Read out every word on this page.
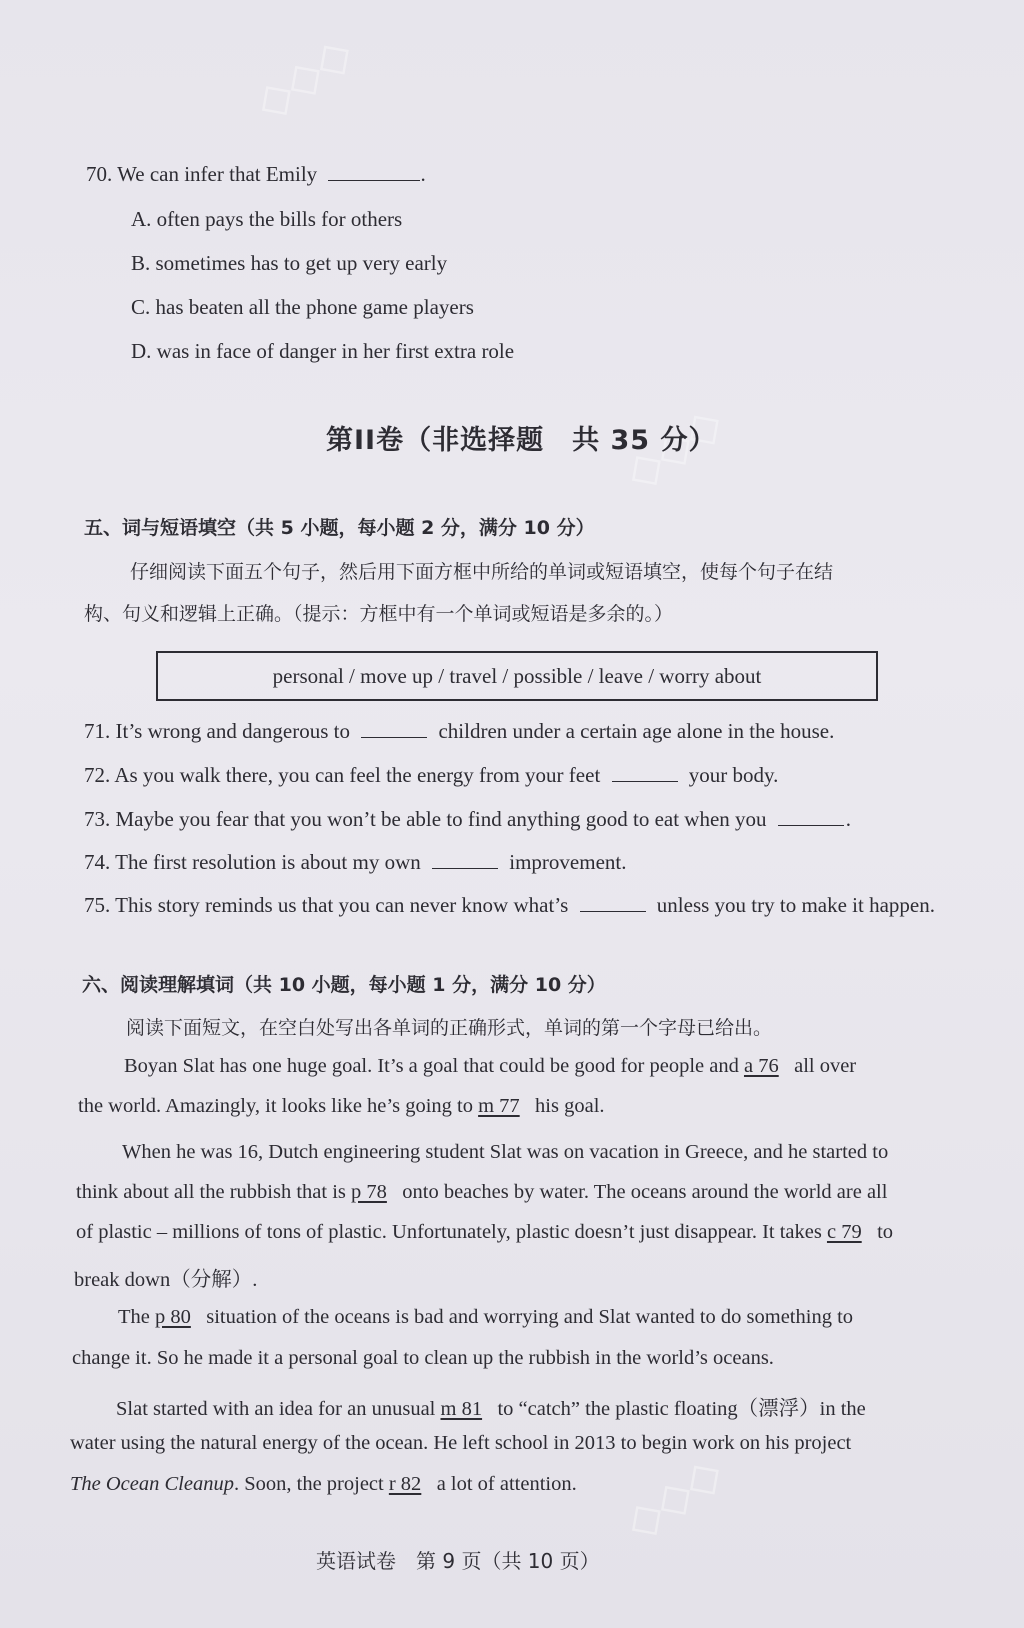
◇◇◇
◇◇◇
◇◇◇
70. We can infer that Emily	.
A. often pays the bills for others
B. sometimes has to get up very early
C. has beaten all the phone game players
D. was in face of danger in her first extra role
第II卷（非选择题　共 35 分）
五、词与短语填空（共 5 小题，每小题 2 分，满分 10 分）
仔细阅读下面五个句子，然后用下面方框中所给的单词或短语填空，使每个句子在结
构、句义和逻辑上正确。（提示：方框中有一个单词或短语是多余的。）
personal / move up / travel / possible / leave / worry about
71. It’s wrong and dangerous to	children under a certain age alone in the house.
72. As you walk there, you can feel the energy from your feet	your body.
73. Maybe you fear that you won’t be able to find anything good to eat when you	.
74. The first resolution is about my own	improvement.
75. This story reminds us that you can never know what’s	unless you try to make it happen.
六、阅读理解填词（共 10 小题，每小题 1 分，满分 10 分）
阅读下面短文，在空白处写出各单词的正确形式，单词的第一个字母已给出。
Boyan Slat has one huge goal. It’s a goal that could be good for people and a 76 all over
the world. Amazingly, it looks like he’s going to m 77 his goal.
When he was 16, Dutch engineering student Slat was on vacation in Greece, and he started to
think about all the rubbish that is p 78 onto beaches by water. The oceans around the world are all
of plastic – millions of tons of plastic. Unfortunately, plastic doesn’t just disappear. It takes c 79 to
break down（分解）.
The p 80 situation of the oceans is bad and worrying and Slat wanted to do something to
change it. So he made it a personal goal to clean up the rubbish in the world’s oceans.
Slat started with an idea for an unusual m 81 to “catch” the plastic floating（漂浮）in the
water using the natural energy of the ocean. He left school in 2013 to begin work on his project
The Ocean Cleanup. Soon, the project r 82 a lot of attention.
英语试卷　第 9 页（共 10 页）
